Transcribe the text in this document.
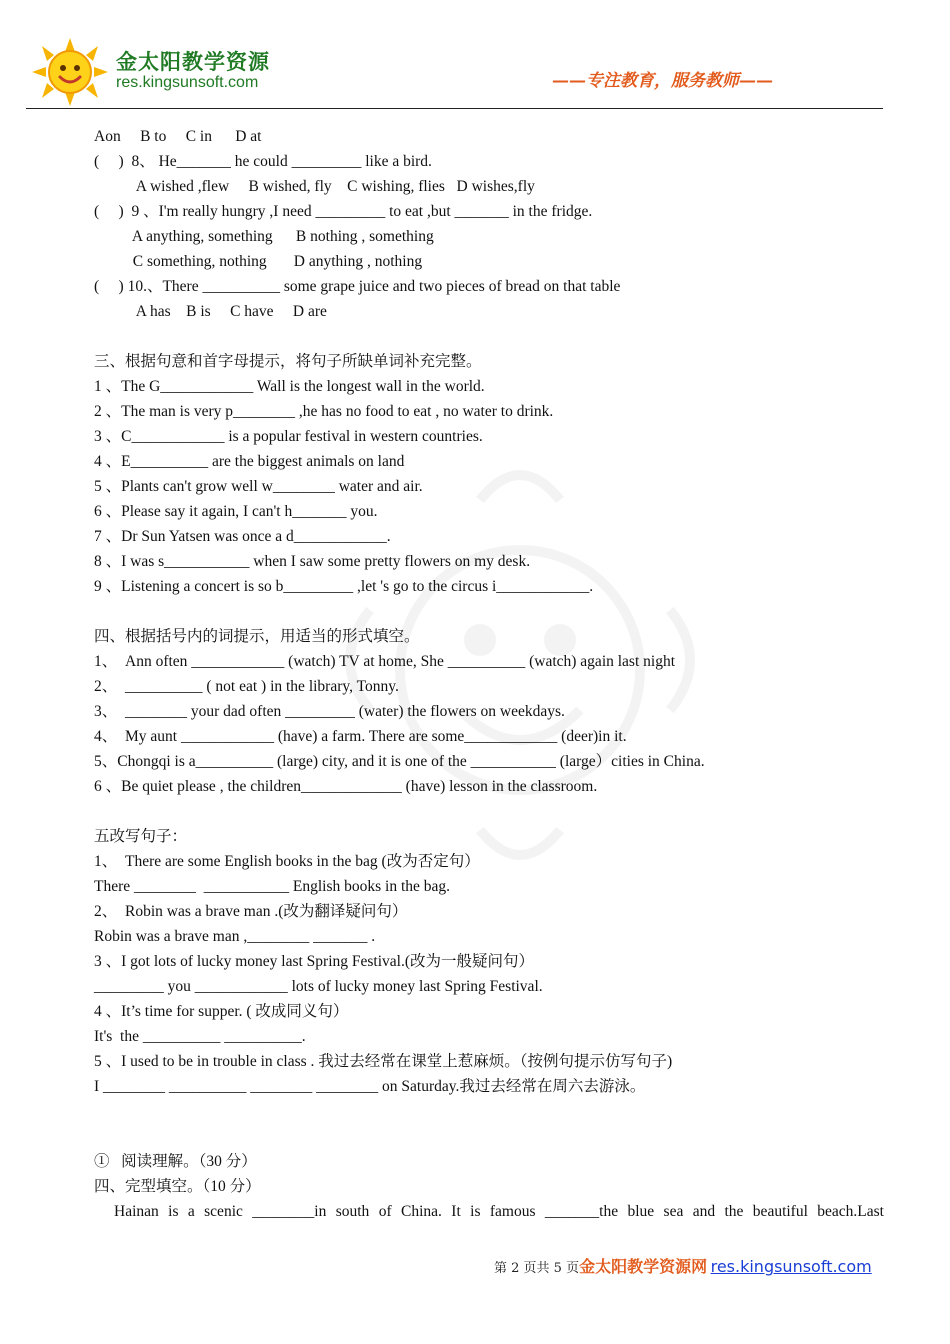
金太阳教学资源
res.kingsunsoft.com	——专注教育，服务教师——
Aon     B to     C in      D at
(     )  8、 He_______ he could _________ like a bird.
A wished ,flew     B wished, fly    C wishing, flies   D wishes,fly
(     )  9 、I'm really hungry ,I need _________ to eat ,but _______ in the fridge.
A anything, something      B nothing , something
C something, nothing       D anything , nothing
(     ) 10.、There __________ some grape juice and two pieces of bread on that table
A has    B is     C have     D are
三、根据句意和首字母提示，将句子所缺单词补充完整。
1 、The G____________ Wall is the longest wall in the world.
2 、The man is very p________ ,he has no food to eat , no water to drink.
3 、C____________ is a popular festival in western countries.
4 、E__________ are the biggest animals on land
5 、Plants can't grow well w________ water and air.
6 、Please say it again, I can't h_______ you.
7 、Dr Sun Yatsen was once a d____________.
8 、I was s___________ when I saw some pretty flowers on my desk.
9 、Listening a concert is so b_________ ,let 's go to the circus i____________.
四、根据括号内的词提示，用适当的形式填空。
1、  Ann often ____________ (watch) TV at home, She __________ (watch) again last night
2、  __________ ( not eat ) in the library, Tonny.
3、  ________ your dad often _________ (water) the flowers on weekdays.
4、  My aunt ____________ (have) a farm. There are some____________ (deer)in it.
5、Chongqi is a__________ (large) city, and it is one of the ___________ (large）cities in China.
6 、Be quiet please , the children_____________ (have) lesson in the classroom.
五改写句子：
1、  There are some English books in the bag (改为否定句）
There ________  ___________ English books in the bag.
2、  Robin was a brave man .(改为翻译疑问句）
Robin was a brave man ,________ _______ .
3 、I got lots of lucky money last Spring Festival.(改为一般疑问句）
_________ you ____________ lots of lucky money last Spring Festival.
4 、It’s time for supper. ( 改成同义句）
It's  the __________ __________.
5 、I used to be in trouble in class . 我过去经常在课堂上惹麻烦。（按例句提示仿写句子)
I ________ __________ ________ ________ on Saturday.我过去经常在周六去游泳。
①   阅读理解。（30 分）
四、完型填空。（10 分）
Hainan is a scenic ________in south of China. It is famous _______the blue sea and the beautiful beach.Last
第 2 页共 5 页金太阳教学资源网 res.kingsunsoft.com
